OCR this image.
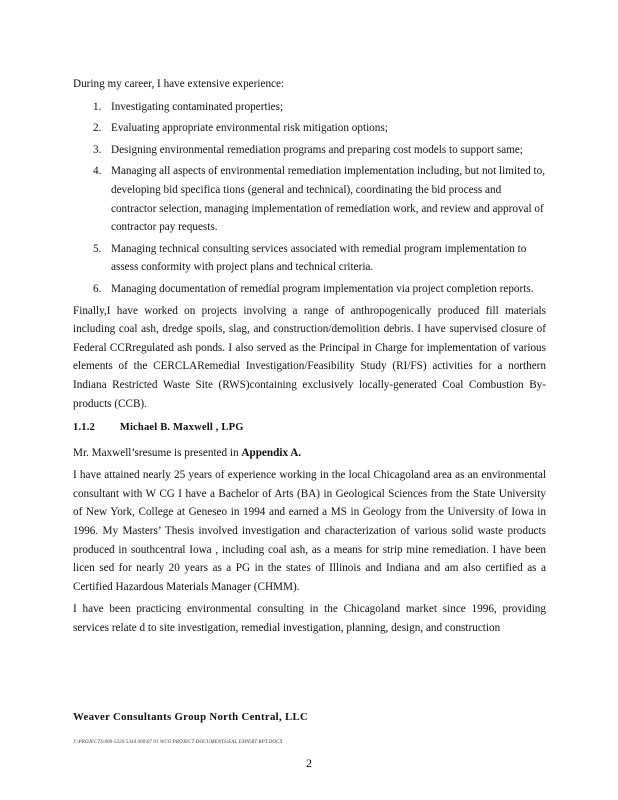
During my career, I have extensive experience:

1. Investigating contaminated properties;
2. Evaluating appropriate environmental risk mitigation options;
3. Designing environmental remediation programs and preparing cost models to support same;
4. Managing all aspects of environmental remediation implementation including, but not limited to, developing bid specifica tions (general and technical), coordinating the bid process and contractor selection, managing implementation of remediation work, and review and approval of contractor pay requests.
5. Managing technical consulting services associated with remedial program implementation to assess conformity with project plans and technical criteria.
6. Managing documentation of remedial program implementation via project completion reports.

Finally,I have worked on projects involving a range of anthropogenically produced fill materials including coal ash, dredge spoils, slag, and construction/demolition debris. I have supervised closure of Federal CCRregulated ash ponds. I also served as the Principal in Charge for implementation of various elements of the CERCLARemedial Investigation/Feasibility Study (RI/FS) activities for a northern Indiana Restricted Waste Site (RWS)containing exclusively locally-generated Coal Combustion By-products (CCB).

1.1.2 Michael B. Maxwell , LPG

Mr. Maxwell’sresume is presented in Appendix A.

I have attained nearly 25 years of experience working in the local Chicagoland area as an environmental consultant with W CG I have a Bachelor of Arts (BA) in Geological Sciences from the State University of New York, College at Geneseo in 1994 and earned a MS in Geology from the University of Iowa in 1996. My Masters’ Thesis involved investigation and characterization of various solid waste products produced in southcentral Iowa , including coal ash, as a means for strip mine remediation. I have been licen sed for nearly 20 years as a PG in the states of Illinois and Indiana and am also certified as a Certified Hazardous Materials Manager (CHMM).

I have been practicing environmental consulting in the Chicagoland market since 1996, providing services relate d to site investigation, remedial investigation, planning, design, and construction

Weaver Consultants Group North Central, LLC
J:\PROJECTS\000-5339 5344 000\07 01 WCG PROJECT DOCUMENTS\EAL EXPERT RPT.DOCX
2
